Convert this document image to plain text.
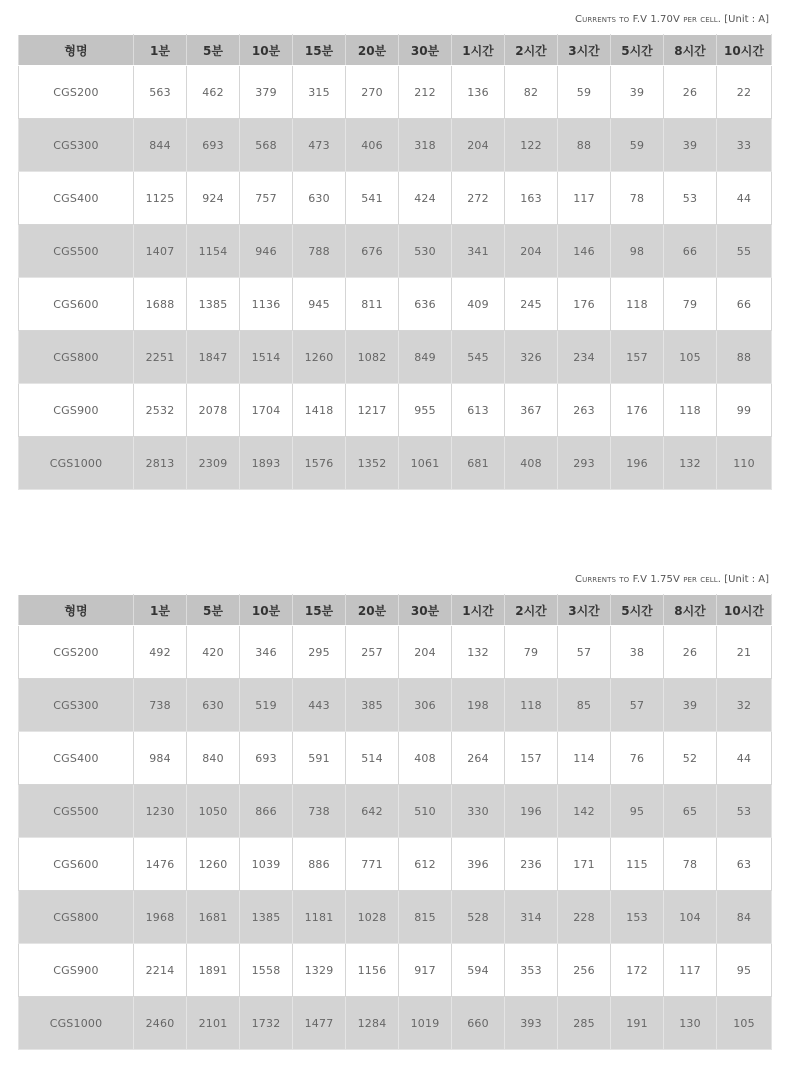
Currents to F.V 1.70V per cell. [Unit : A]
형명	1분	5분	10분	15분	20분	30분	1시간	2시간	3시간	5시간	8시간	10시간
CGS200	563	462	379	315	270	212	136	82	59	39	26	22
CGS300	844	693	568	473	406	318	204	122	88	59	39	33
CGS400	1125	924	757	630	541	424	272	163	117	78	53	44
CGS500	1407	1154	946	788	676	530	341	204	146	98	66	55
CGS600	1688	1385	1136	945	811	636	409	245	176	118	79	66
CGS800	2251	1847	1514	1260	1082	849	545	326	234	157	105	88
CGS900	2532	2078	1704	1418	1217	955	613	367	263	176	118	99
CGS1000	2813	2309	1893	1576	1352	1061	681	408	293	196	132	110
Currents to F.V 1.75V per cell. [Unit : A]
형명	1분	5분	10분	15분	20분	30분	1시간	2시간	3시간	5시간	8시간	10시간
CGS200	492	420	346	295	257	204	132	79	57	38	26	21
CGS300	738	630	519	443	385	306	198	118	85	57	39	32
CGS400	984	840	693	591	514	408	264	157	114	76	52	44
CGS500	1230	1050	866	738	642	510	330	196	142	95	65	53
CGS600	1476	1260	1039	886	771	612	396	236	171	115	78	63
CGS800	1968	1681	1385	1181	1028	815	528	314	228	153	104	84
CGS900	2214	1891	1558	1329	1156	917	594	353	256	172	117	95
CGS1000	2460	2101	1732	1477	1284	1019	660	393	285	191	130	105
